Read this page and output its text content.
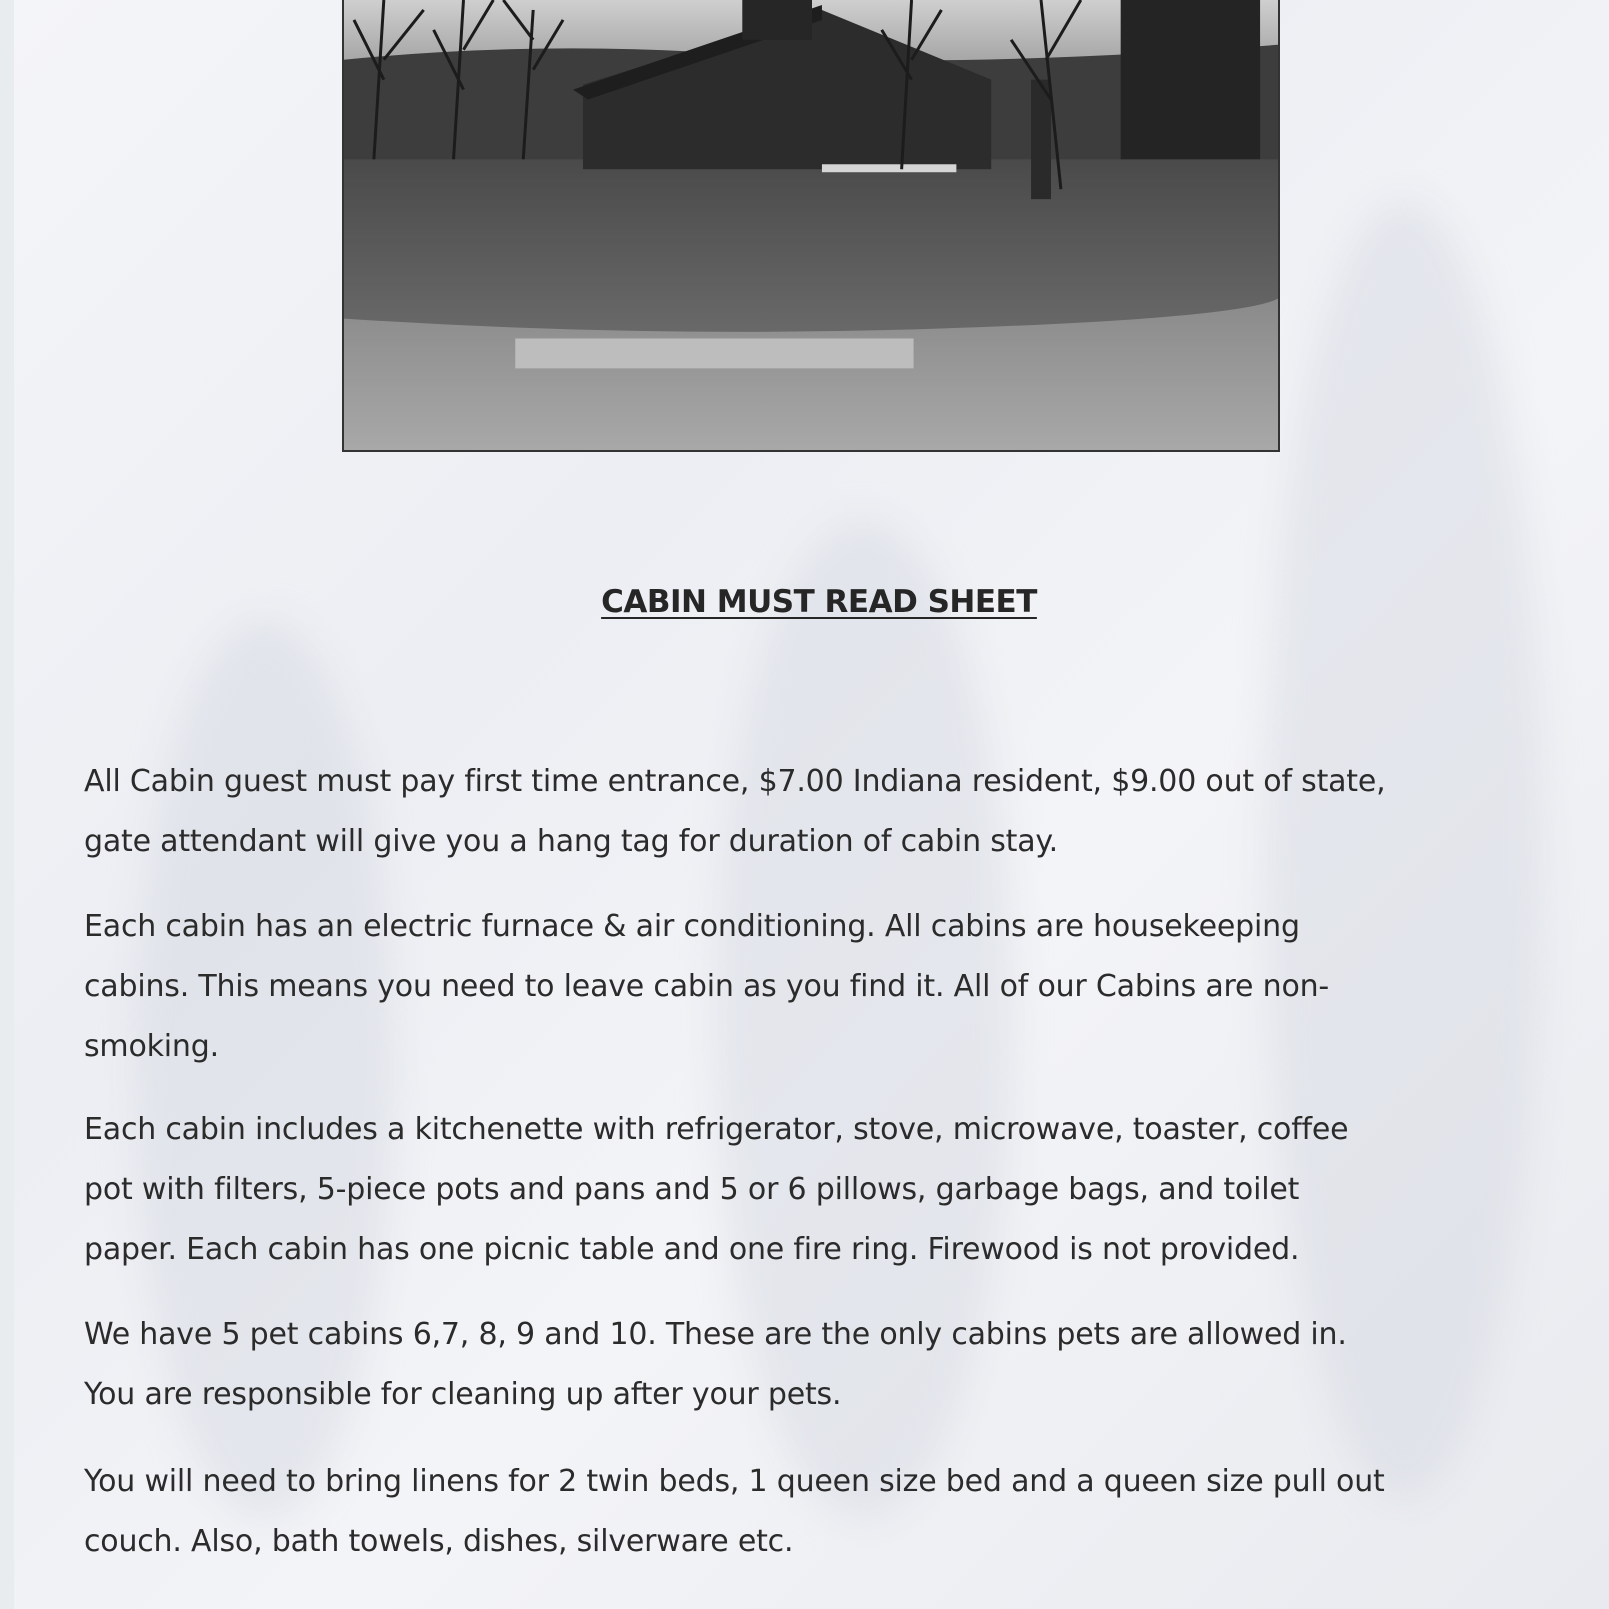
CABIN MUST READ SHEET

All Cabin guest must pay first time entrance, $7.00 Indiana resident, $9.00 out of state,
gate attendant will give you a hang tag for duration of cabin stay.

Each cabin has an electric furnace & air conditioning. All cabins are housekeeping
cabins. This means you need to leave cabin as you find it. All of our Cabins are non-
smoking.

Each cabin includes a kitchenette with refrigerator, stove, microwave, toaster, coffee
pot with filters, 5-piece pots and pans and 5 or 6 pillows, garbage bags, and toilet
paper. Each cabin has one picnic table and one fire ring. Firewood is not provided.

We have 5 pet cabins 6,7, 8, 9 and 10. These are the only cabins pets are allowed in.
You are responsible for cleaning up after your pets.

You will need to bring linens for 2 twin beds, 1 queen size bed and a queen size pull out
couch. Also, bath towels, dishes, silverware etc.
